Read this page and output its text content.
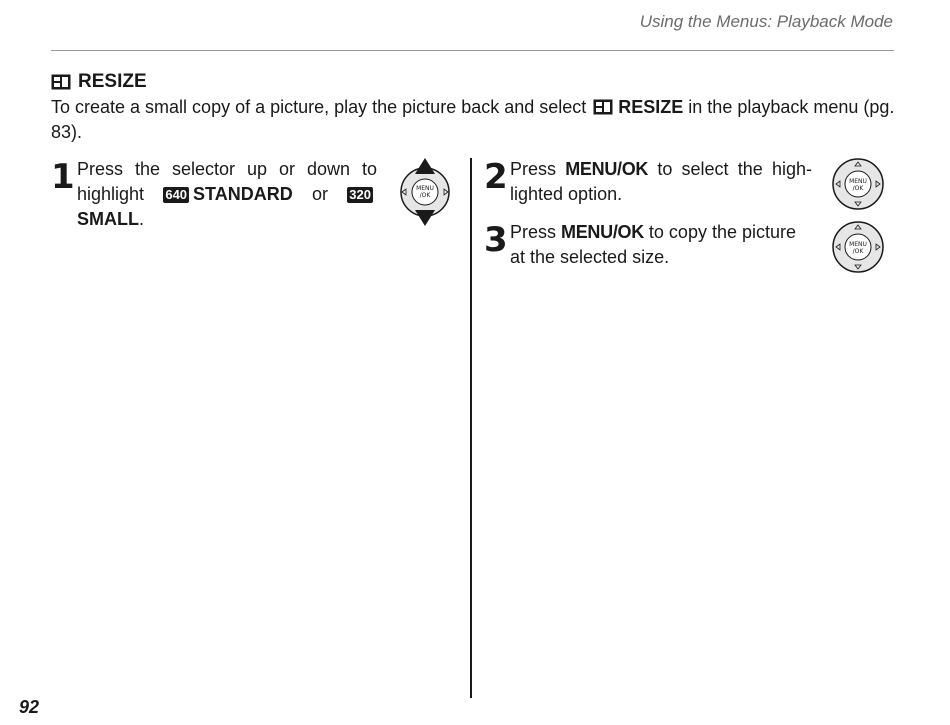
Using the Menus: Playback Mode
RESIZE
To create a small copy of a picture, play the picture back and select
RESIZE in the playback menu (pg. 83).
1 Press the selector up or down to highlight 640 STANDARD or 320SMALL.
MENU
/OK 2 Press MENU/OK to select the high-lighted option.
MENU
/OK
3 Press MENU/OK to copy the picture at the selected size.
MENU
/OK
92
